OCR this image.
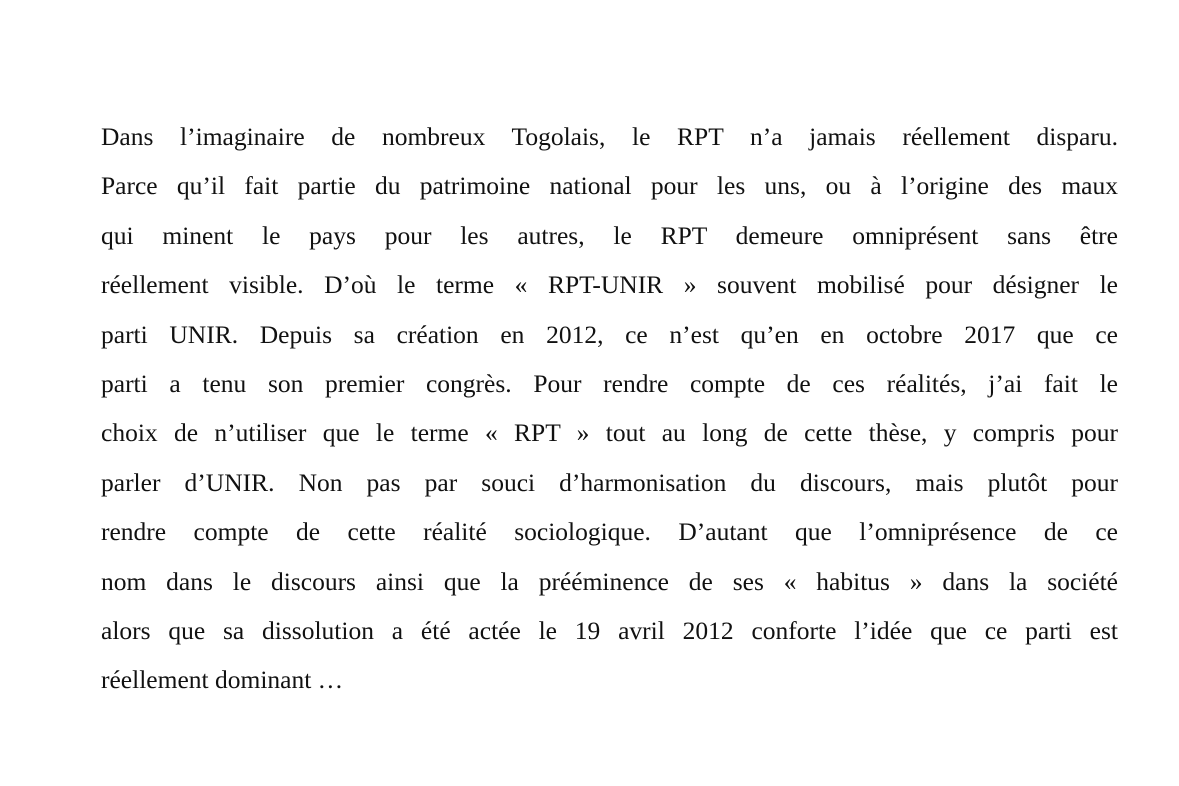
Dans l’imaginaire de nombreux Togolais, le RPT n’a jamais réellement disparu.
Parce qu’il fait partie du patrimoine national pour les uns, ou à l’origine des maux
qui minent le pays pour les autres, le RPT demeure omniprésent sans être
réellement visible. D’où le terme « RPT-UNIR » souvent mobilisé pour désigner le
parti UNIR. Depuis sa création en 2012, ce n’est qu’en en octobre 2017 que ce
parti a tenu son premier congrès. Pour rendre compte de ces réalités, j’ai fait le
choix de n’utiliser que le terme « RPT » tout au long de cette thèse, y compris pour
parler d’UNIR. Non pas par souci d’harmonisation du discours, mais plutôt pour
rendre compte de cette réalité sociologique. D’autant que l’omniprésence de ce
nom dans le discours ainsi que la prééminence de ses « habitus » dans la société
alors que sa dissolution a été actée le 19 avril 2012 conforte l’idée que ce parti est
réellement dominant …
